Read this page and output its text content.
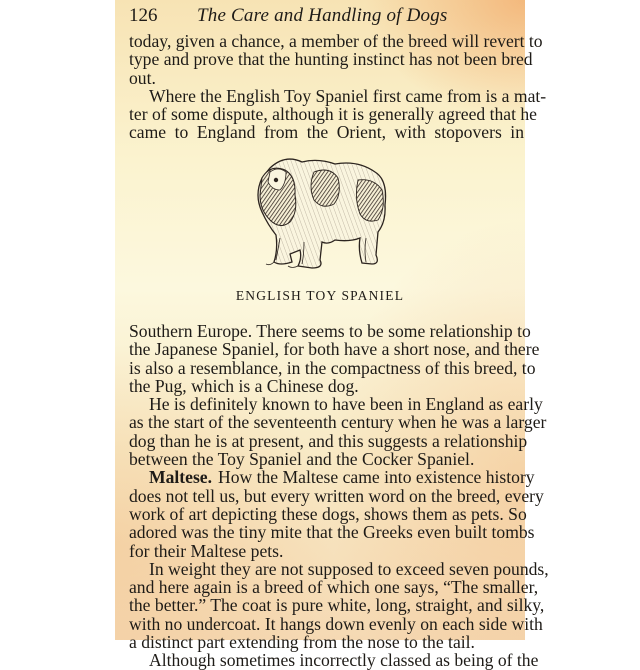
126 The Care and Handling of Dogs
today, given a chance, a member of the breed will revert to
type and prove that the hunting instinct has not been bred
out.
Where the English Toy Spaniel first came from is a mat-
ter of some dispute, although it is generally agreed that he
came to England from the Orient, with stopovers in
ENGLISH TOY SPANIEL
Southern Europe. There seems to be some relationship to
the Japanese Spaniel, for both have a short nose, and there
is also a resemblance, in the compactness of this breed, to
the Pug, which is a Chinese dog.
He is definitely known to have been in England as early
as the start of the seventeenth century when he was a larger
dog than he is at present, and this suggests a relationship
between the Toy Spaniel and the Cocker Spaniel.
Maltese. How the Maltese came into existence history
does not tell us, but every written word on the breed, every
work of art depicting these dogs, shows them as pets. So
adored was the tiny mite that the Greeks even built tombs
for their Maltese pets.
In weight they are not supposed to exceed seven pounds,
and here again is a breed of which one says, “The smaller,
the better.” The coat is pure white, long, straight, and silky,
with no undercoat. It hangs down evenly on each side with
a distinct part extending from the nose to the tail.
Although sometimes incorrectly classed as being of the
